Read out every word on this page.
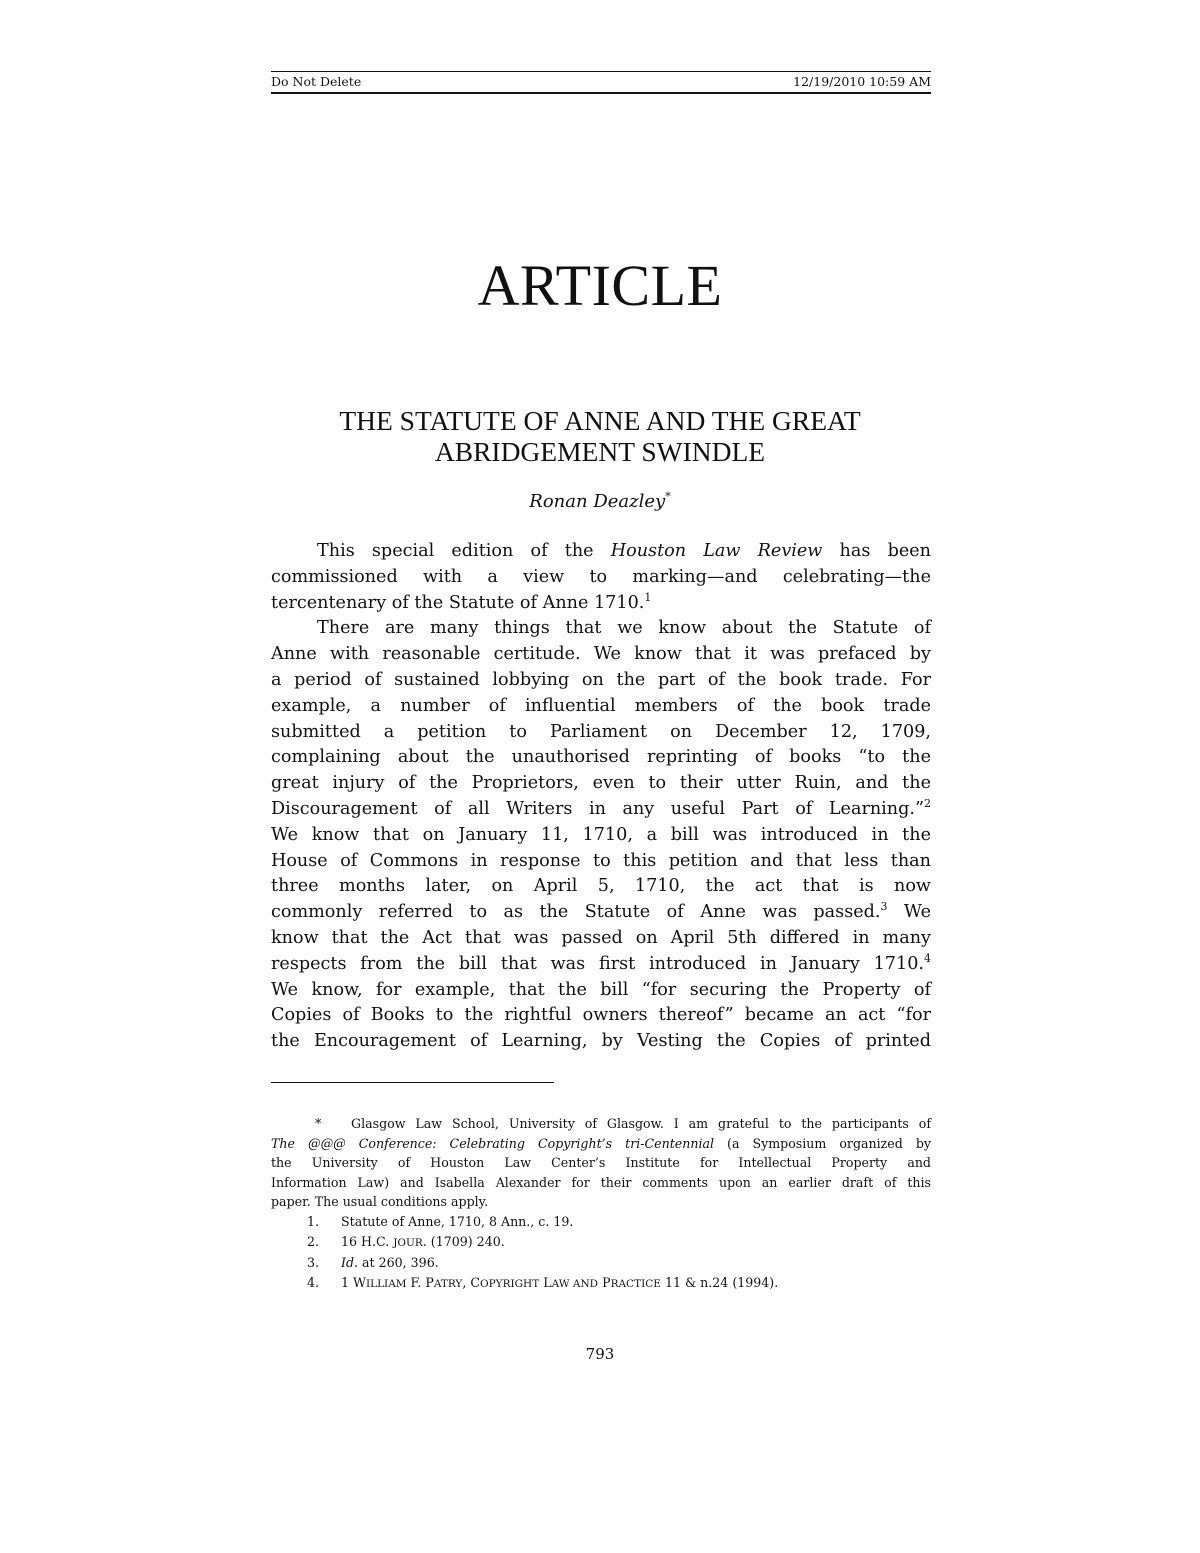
Do Not Delete	12/19/2010 10:59 AM
ARTICLE
THE STATUTE OF ANNE AND THE GREAT
ABRIDGEMENT SWINDLE
Ronan Deazley*
This special edition of the Houston Law Review has been
commissioned with a view to marking—and celebrating—the
tercentenary of the Statute of Anne 1710.$^1$
There are many things that we know about the Statute of
Anne with reasonable certitude. We know that it was prefaced by
a period of sustained lobbying on the part of the book trade. For
example, a number of influential members of the book trade
submitted a petition to Parliament on December 12, 1709,
complaining about the unauthorised reprinting of books “to the
great injury of the Proprietors, even to their utter Ruin, and the
Discouragement of all Writers in any useful Part of Learning.”$^2$
We know that on January 11, 1710, a bill was introduced in the
House of Commons in response to this petition and that less than
three months later, on April 5, 1710, the act that is now
commonly referred to as the Statute of Anne was passed.$^3$ We
know that the Act that was passed on April 5th differed in many
respects from the bill that was first introduced in January 1710.$^4$
We know, for example, that the bill “for securing the Property of
Copies of Books to the rightful owners thereof” became an act “for
the Encouragement of Learning, by Vesting the Copies of printed
* Glasgow Law School, University of Glasgow. I am grateful to the participants of
The @@@ Conference: Celebrating Copyright’s tri-Centennial (a Symposium organized by
the University of Houston Law Center’s Institute for Intellectual Property and
Information Law) and Isabella Alexander for their comments upon an earlier draft of this
paper. The usual conditions apply.
1. Statute of Anne, 1710, 8 Ann., c. 19.
2. 16 H.C. JOUR. (1709) 240.
3. Id. at 260, 396.
4. 1 WILLIAM F. PATRY, COPYRIGHT LAW AND PRACTICE 11 & n.24 (1994).
793
